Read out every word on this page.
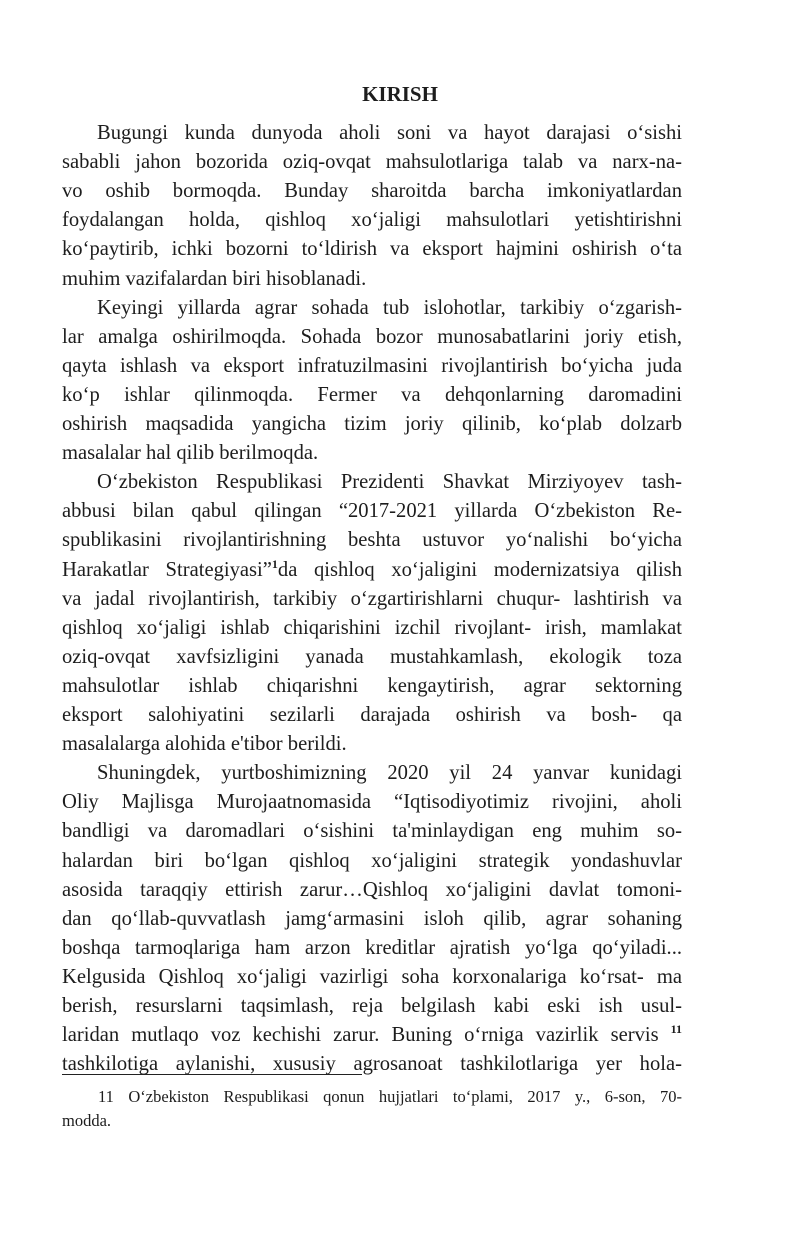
KIRISH
Bugungi kunda dunyoda aholi soni va hayot darajasi o‘sishi
sababli jahon bozorida oziq-ovqat mahsulotlariga talab va narx-na-
vo oshib bormoqda. Bunday sharoitda barcha imkoniyatlardan
foydalangan holda, qishloq xo‘jaligi mahsulotlari yetishtirishni
ko‘paytirib, ichki bozorni to‘ldirish va eksport hajmini oshirish o‘ta
muhim vazifalardan biri hisoblanadi.
Keyingi yillarda agrar sohada tub islohotlar, tarkibiy o‘zgarish-
lar amalga oshirilmoqda. Sohada bozor munosabatlarini joriy etish,
qayta ishlash va eksport infratuzilmasini rivojlantirish bo‘yicha juda
ko‘p ishlar qilinmoqda. Fermer va dehqonlarning daromadini
oshirish maqsadida yangicha tizim joriy qilinib, ko‘plab dolzarb
masalalar hal qilib berilmoqda.
O‘zbekiston Respublikasi Prezidenti Shavkat Mirziyoyev tash-
abbusi bilan qabul qilingan “2017-2021 yillarda O‘zbekiston Re-
spublikasini rivojlantirishning beshta ustuvor yo‘nalishi bo‘yicha
Harakatlar Strategiyasi”$^1$da qishloq xo‘jaligini modernizatsiya qilish
va jadal rivojlantirish, tarkibiy o‘zgartirishlarni chuqur- lashtirish va
qishloq xo‘jaligi ishlab chiqarishini izchil rivojlant- irish, mamlakat
oziq-ovqat xavfsizligini yanada mustahkamlash, ekologik toza
mahsulotlar ishlab chiqarishni kengaytirish, agrar sektorning
eksport salohiyatini sezilarli darajada oshirish va bosh- qa
masalalarga alohida e'tibor berildi.
Shuningdek, yurtboshimizning 2020 yil 24 yanvar kunidagi
Oliy Majlisga Murojaatnomasida “Iqtisodiyotimiz rivojini, aholi
bandligi va daromadlari o‘sishini ta'minlaydigan eng muhim so-
halardan biri bo‘lgan qishloq xo‘jaligini strategik yondashuvlar
asosida taraqqiy ettirish zarur…Qishloq xo‘jaligini davlat tomoni-
dan qo‘llab-quvvatlash jamg‘armasini isloh qilib, agrar sohaning
boshqa tarmoqlariga ham arzon kreditlar ajratish yo‘lga qo‘yiladi...
Kelgusida Qishloq xo‘jaligi vazirligi soha korxonalariga ko‘rsat- ma
berish, resurslarni taqsimlash, reja belgilash kabi eski ish usul-
laridan mutlaqo voz kechishi zarur. Buning o‘rniga vazirlik servis $^{11}$
tashkilotiga aylanishi, xususiy agrosanoat tashkilotlariga yer hola-
11 O‘zbekiston Respublikasi qonun hujjatlari to‘plami, 2017 y., 6-son, 70-
modda.
